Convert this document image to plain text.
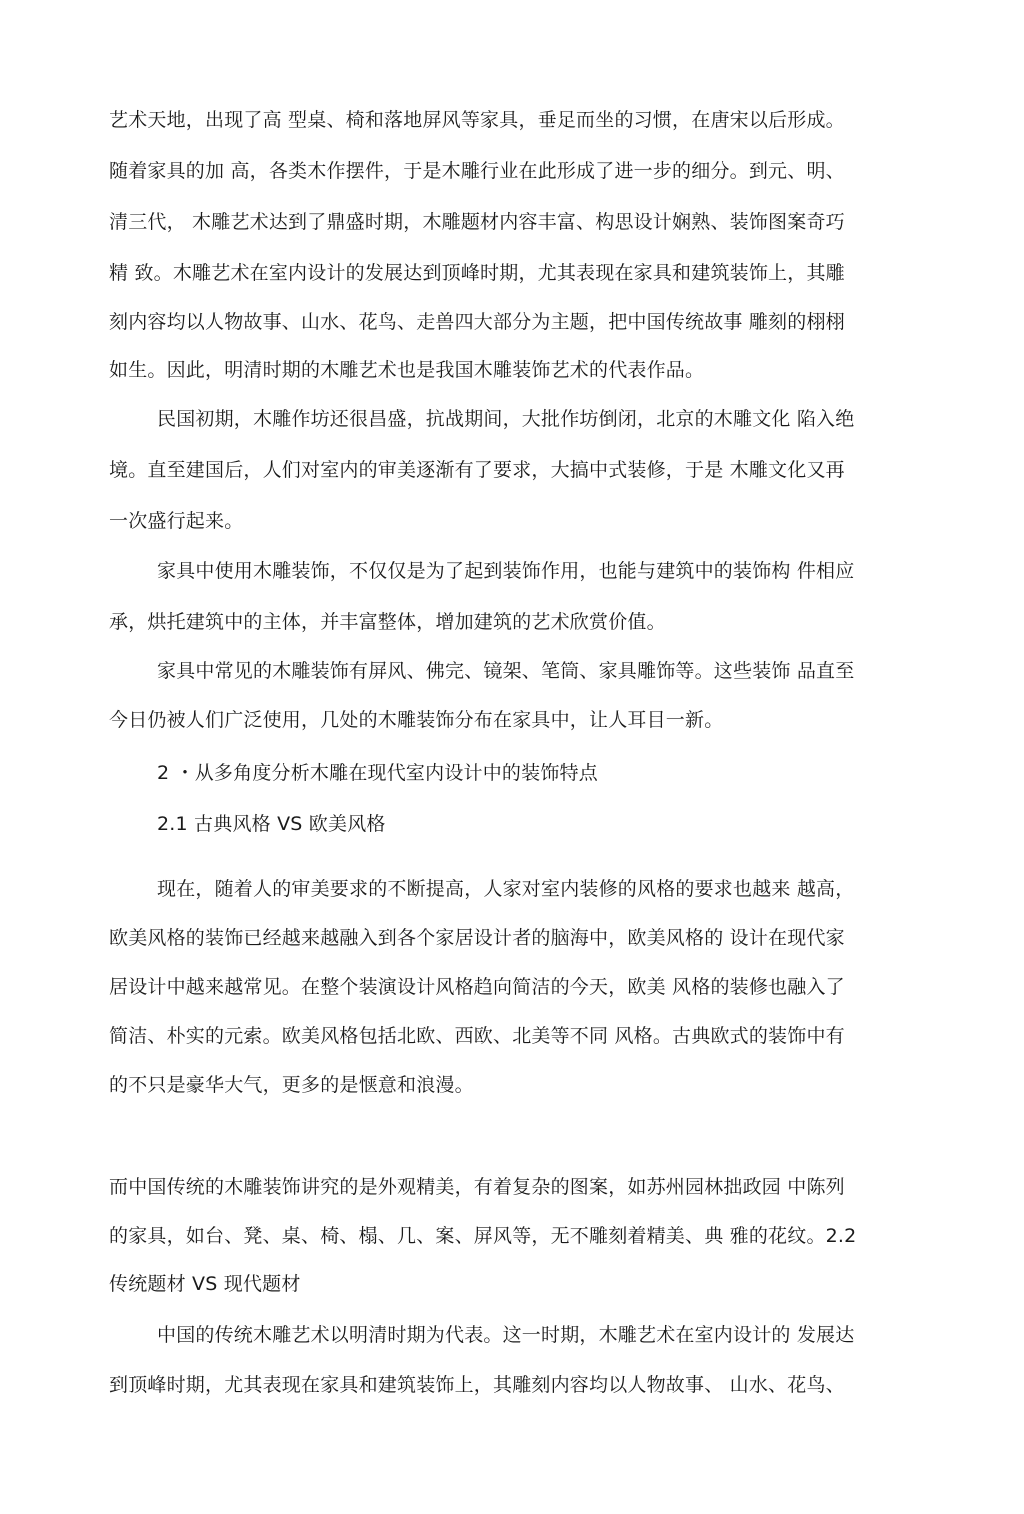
艺术天地，出现了高 型桌、椅和落地屏风等家具，垂足而坐的习惯，在唐宋以后形成。
随着家具的加 高，各类木作摆件，于是木雕行业在此形成了进一步的细分。到元、明、
清三代， 木雕艺术达到了鼎盛时期，木雕题材内容丰富、构思设计娴熟、装饰图案奇巧
精 致。木雕艺术在室内设计的发展达到顶峰时期，尤其表现在家具和建筑装饰上，其雕
刻内容均以人物故事、山水、花鸟、走兽四大部分为主题，把中国传统故事 雕刻的栩栩
如生。因此，明清时期的木雕艺术也是我国木雕装饰艺术的代表作品。
民国初期，木雕作坊还很昌盛，抗战期间，大批作坊倒闭，北京的木雕文化 陷入绝
境。直至建国后，人们对室内的审美逐渐有了要求，大搞中式装修，于是 木雕文化又再
一次盛行起来。
家具中使用木雕装饰，不仅仅是为了起到装饰作用，也能与建筑中的装饰构 件相应
承，烘托建筑中的主体，并丰富整体，增加建筑的艺术欣赏价值。
家具中常见的木雕装饰有屏风、佛完、镜架、笔筒、家具雕饰等。这些装饰 品直至
今日仍被人们广泛使用，几处的木雕装饰分布在家具中，让人耳目一新。
2 ・从多角度分析木雕在现代室内设计中的装饰特点
2.1 古典风格 VS 欧美风格
现在，随着人的审美要求的不断提高，人家对室内装修的风格的要求也越来 越高，
欧美风格的装饰已经越来越融入到各个家居设计者的脑海中，欧美风格的 设计在现代家
居设计中越来越常见。在整个装演设计风格趋向简洁的今天，欧美 风格的装修也融入了
简洁、朴实的元索。欧美风格包括北欧、西欧、北美等不同 风格。古典欧式的装饰中有
的不只是豪华大气，更多的是惬意和浪漫。
而中国传统的木雕装饰讲究的是外观精美，有着复杂的图案，如苏州园林拙政园 中陈列
的家具，如台、凳、桌、椅、榻、几、案、屏风等，无不雕刻着精美、典 雅的花纹。2.2
传统题材 VS 现代题材
中国的传统木雕艺术以明清时期为代表。这一时期，木雕艺术在室内设计的 发展达
到顶峰时期，尤其表现在家具和建筑装饰上，其雕刻内容均以人物故事、 山水、花鸟、
